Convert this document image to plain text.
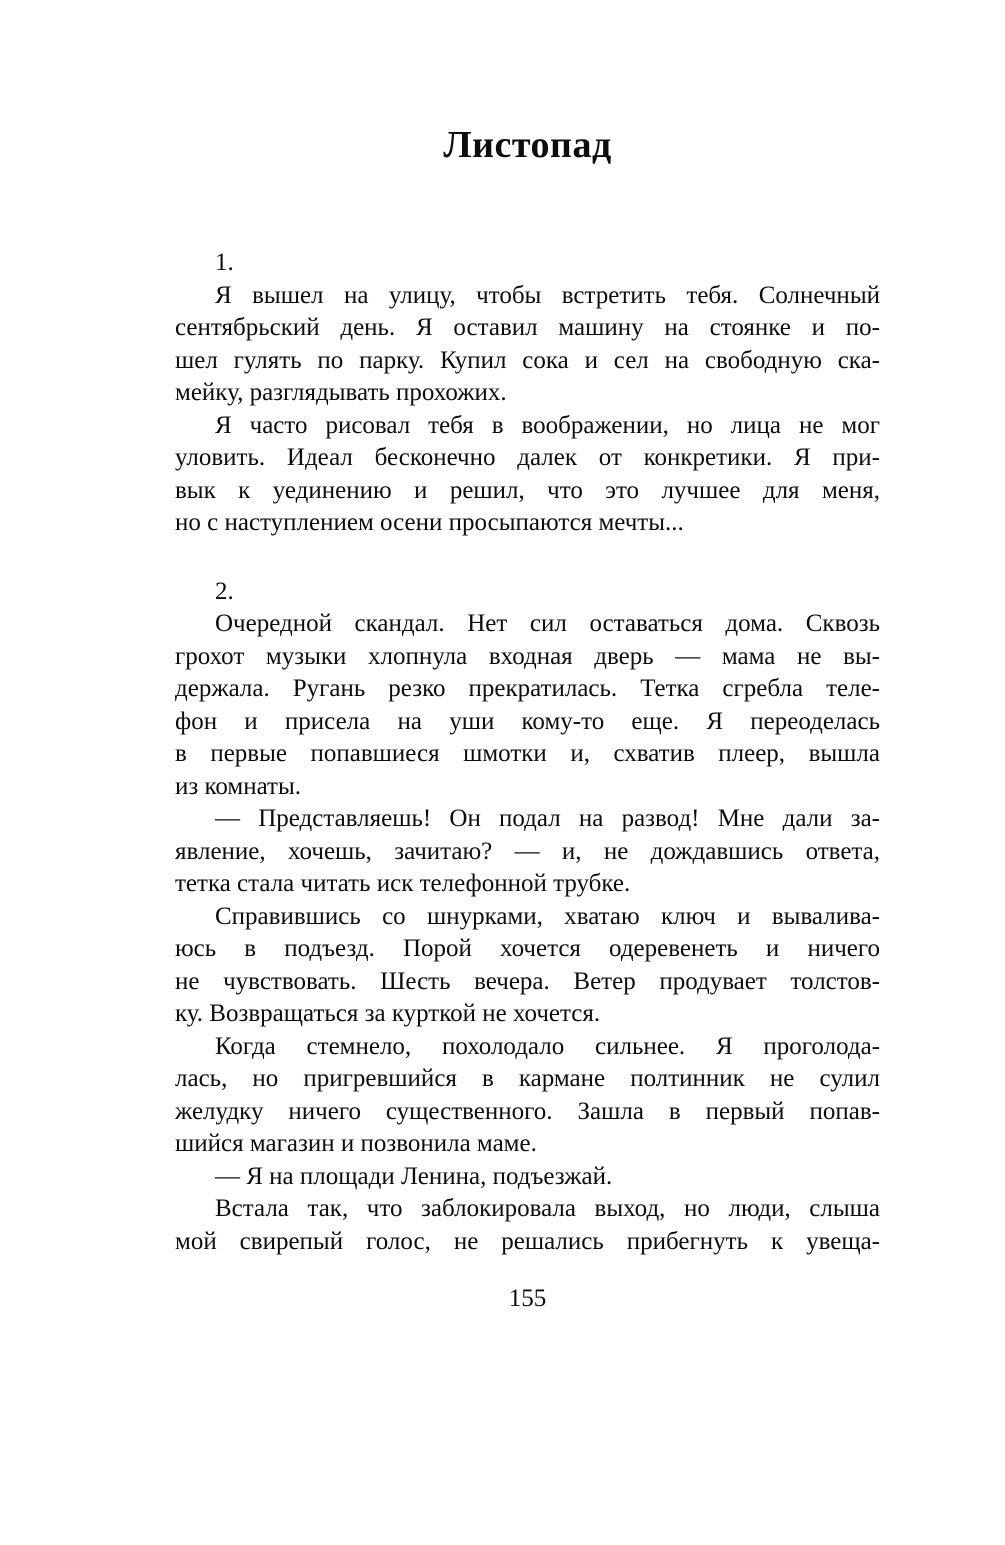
Листопад
1.
Я вышел на улицу, чтобы встретить тебя. Солнечный
сентябрьский день. Я оставил машину на стоянке и по-
шел гулять по парку. Купил сока и сел на свободную ска-
мейку, разглядывать прохожих.
Я часто рисовал тебя в воображении, но лица не мог
уловить. Идеал бесконечно далек от конкретики. Я при-
вык к уединению и решил, что это лучшее для меня,
но с наступлением осени просыпаются мечты...
2.
Очередной скандал. Нет сил оставаться дома. Сквозь
грохот музыки хлопнула входная дверь — мама не вы-
держала. Ругань резко прекратилась. Тетка сгребла теле-
фон и присела на уши кому-то еще. Я переоделась
в первые попавшиеся шмотки и, схватив плеер, вышла
из комнаты.
— Представляешь! Он подал на развод! Мне дали за-
явление, хочешь, зачитаю? — и, не дождавшись ответа,
тетка стала читать иск телефонной трубке.
Справившись со шнурками, хватаю ключ и вывалива-
юсь в подъезд. Порой хочется одеревенеть и ничего
не чувствовать. Шесть вечера. Ветер продувает толстов-
ку. Возвращаться за курткой не хочется.
Когда стемнело, похолодало сильнее. Я проголода-
лась, но пригревшийся в кармане полтинник не сулил
желудку ничего существенного. Зашла в первый попав-
шийся магазин и позвонила маме.
— Я на площади Ленина, подъезжай.
Встала так, что заблокировала выход, но люди, слыша
мой свирепый голос, не решались прибегнуть к увеща-
155
